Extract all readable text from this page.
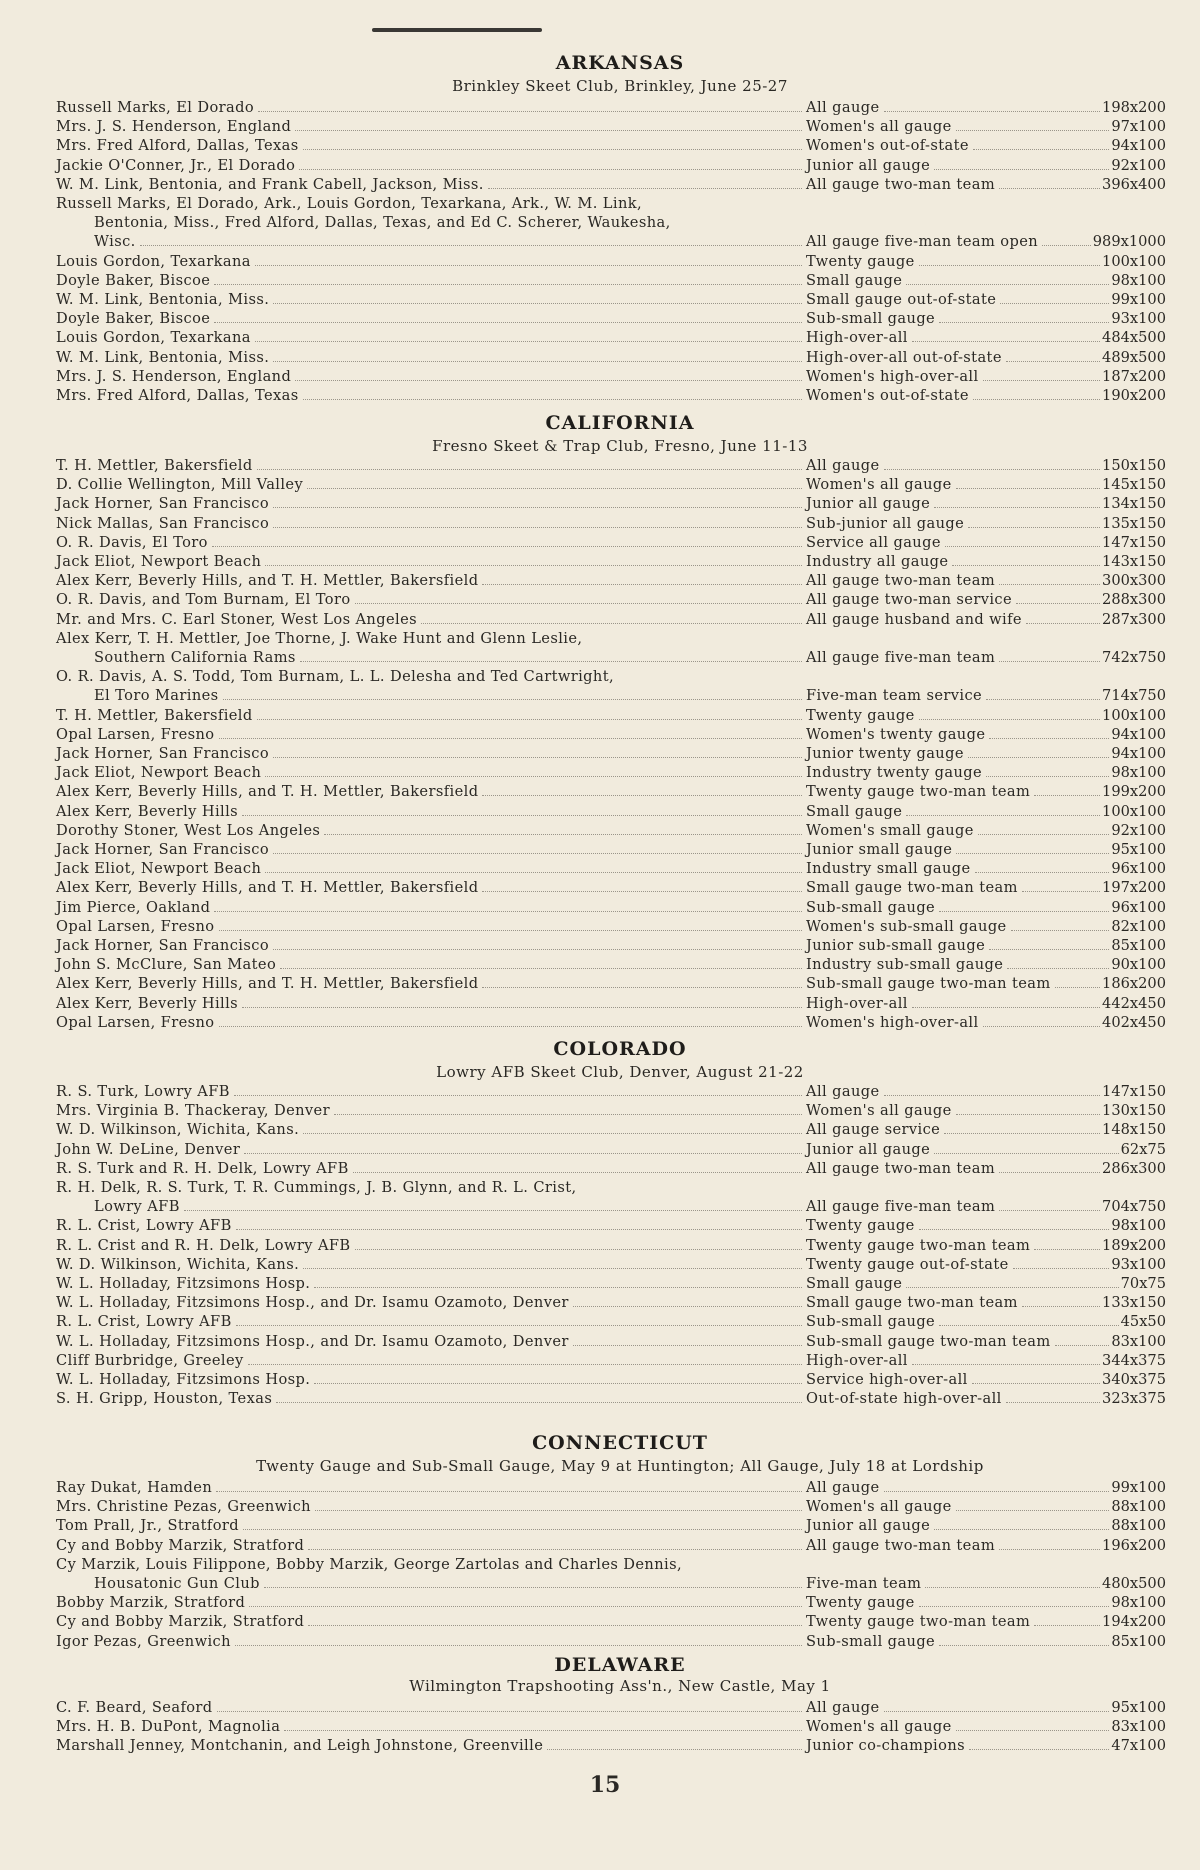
​
ARKANSAS
Brinkley Skeet Club, Brinkley, June 25-27
Russell Marks, El Dorado	All gauge	198x200
Mrs. J. S. Henderson, England	Women's all gauge	97x100
Mrs. Fred Alford, Dallas, Texas	Women's out-of-state	94x100
Jackie O'Conner, Jr., El Dorado	Junior all gauge	92x100
W. M. Link, Bentonia, and Frank Cabell, Jackson, Miss.	All gauge two-man team	396x400
Russell Marks, El Dorado, Ark., Louis Gordon, Texarkana, Ark., W. M. Link,
Bentonia, Miss., Fred Alford, Dallas, Texas, and Ed C. Scherer, Waukesha,
Wisc.	All gauge five-man team open	989x1000
Louis Gordon, Texarkana	Twenty gauge	100x100
Doyle Baker, Biscoe	Small gauge	98x100
W. M. Link, Bentonia, Miss.	Small gauge out-of-state	99x100
Doyle Baker, Biscoe	Sub-small gauge	93x100
Louis Gordon, Texarkana	High-over-all	484x500
W. M. Link, Bentonia, Miss.	High-over-all out-of-state	489x500
Mrs. J. S. Henderson, England	Women's high-over-all	187x200
Mrs. Fred Alford, Dallas, Texas	Women's out-of-state	190x200
CALIFORNIA
Fresno Skeet & Trap Club, Fresno, June 11-13
T. H. Mettler, Bakersfield	All gauge	150x150
D. Collie Wellington, Mill Valley	Women's all gauge	145x150
Jack Horner, San Francisco	Junior all gauge	134x150
Nick Mallas, San Francisco	Sub-junior all gauge	135x150
O. R. Davis, El Toro	Service all gauge	147x150
Jack Eliot, Newport Beach	Industry all gauge	143x150
Alex Kerr, Beverly Hills, and T. H. Mettler, Bakersfield	All gauge two-man team	300x300
O. R. Davis, and Tom Burnam, El Toro	All gauge two-man service	288x300
Mr. and Mrs. C. Earl Stoner, West Los Angeles	All gauge husband and wife	287x300
Alex Kerr, T. H. Mettler, Joe Thorne, J. Wake Hunt and Glenn Leslie,
Southern California Rams	All gauge five-man team	742x750
O. R. Davis, A. S. Todd, Tom Burnam, L. L. Delesha and Ted Cartwright,
El Toro Marines	Five-man team service	714x750
T. H. Mettler, Bakersfield	Twenty gauge	100x100
Opal Larsen, Fresno	Women's twenty gauge	94x100
Jack Horner, San Francisco	Junior twenty gauge	94x100
Jack Eliot, Newport Beach	Industry twenty gauge	98x100
Alex Kerr, Beverly Hills, and T. H. Mettler, Bakersfield	Twenty gauge two-man team	199x200
Alex Kerr, Beverly Hills	Small gauge	100x100
Dorothy Stoner, West Los Angeles	Women's small gauge	92x100
Jack Horner, San Francisco	Junior small gauge	95x100
Jack Eliot, Newport Beach	Industry small gauge	96x100
Alex Kerr, Beverly Hills, and T. H. Mettler, Bakersfield	Small gauge two-man team	197x200
Jim Pierce, Oakland	Sub-small gauge	96x100
Opal Larsen, Fresno	Women's sub-small gauge	82x100
Jack Horner, San Francisco	Junior sub-small gauge	85x100
John S. McClure, San Mateo	Industry sub-small gauge	90x100
Alex Kerr, Beverly Hills, and T. H. Mettler, Bakersfield	Sub-small gauge two-man team	186x200
Alex Kerr, Beverly Hills	High-over-all	442x450
Opal Larsen, Fresno	Women's high-over-all	402x450
COLORADO
Lowry AFB Skeet Club, Denver, August 21-22
R. S. Turk, Lowry AFB	All gauge	147x150
Mrs. Virginia B. Thackeray, Denver	Women's all gauge	130x150
W. D. Wilkinson, Wichita, Kans.	All gauge service	148x150
John W. DeLine, Denver	Junior all gauge	62x75
R. S. Turk and R. H. Delk, Lowry AFB	All gauge two-man team	286x300
R. H. Delk, R. S. Turk, T. R. Cummings, J. B. Glynn, and R. L. Crist,
Lowry AFB	All gauge five-man team	704x750
R. L. Crist, Lowry AFB	Twenty gauge	98x100
R. L. Crist and R. H. Delk, Lowry AFB	Twenty gauge two-man team	189x200
W. D. Wilkinson, Wichita, Kans.	Twenty gauge out-of-state	93x100
W. L. Holladay, Fitzsimons Hosp.	Small gauge	70x75
W. L. Holladay, Fitzsimons Hosp., and Dr. Isamu Ozamoto, Denver	Small gauge two-man team	133x150
R. L. Crist, Lowry AFB	Sub-small gauge	45x50
W. L. Holladay, Fitzsimons Hosp., and Dr. Isamu Ozamoto, Denver	Sub-small gauge two-man team	83x100
Cliff Burbridge, Greeley	High-over-all	344x375
W. L. Holladay, Fitzsimons Hosp.	Service high-over-all	340x375
S. H. Gripp, Houston, Texas	Out-of-state high-over-all	323x375
CONNECTICUT
Twenty Gauge and Sub-Small Gauge, May 9 at Huntington; All Gauge, July 18 at Lordship
Ray Dukat, Hamden	All gauge	99x100
Mrs. Christine Pezas, Greenwich	Women's all gauge	88x100
Tom Prall, Jr., Stratford	Junior all gauge	88x100
Cy and Bobby Marzik, Stratford	All gauge two-man team	196x200
Cy Marzik, Louis Filippone, Bobby Marzik, George Zartolas and Charles Dennis,
Housatonic Gun Club	Five-man team	480x500
Bobby Marzik, Stratford	Twenty gauge	98x100
Cy and Bobby Marzik, Stratford	Twenty gauge two-man team	194x200
Igor Pezas, Greenwich	Sub-small gauge	85x100
DELAWARE
Wilmington Trapshooting Ass'n., New Castle, May 1
C. F. Beard, Seaford	All gauge	95x100
Mrs. H. B. DuPont, Magnolia	Women's all gauge	83x100
Marshall Jenney, Montchanin, and Leigh Johnstone, Greenville	Junior co-champions	47x100
15
